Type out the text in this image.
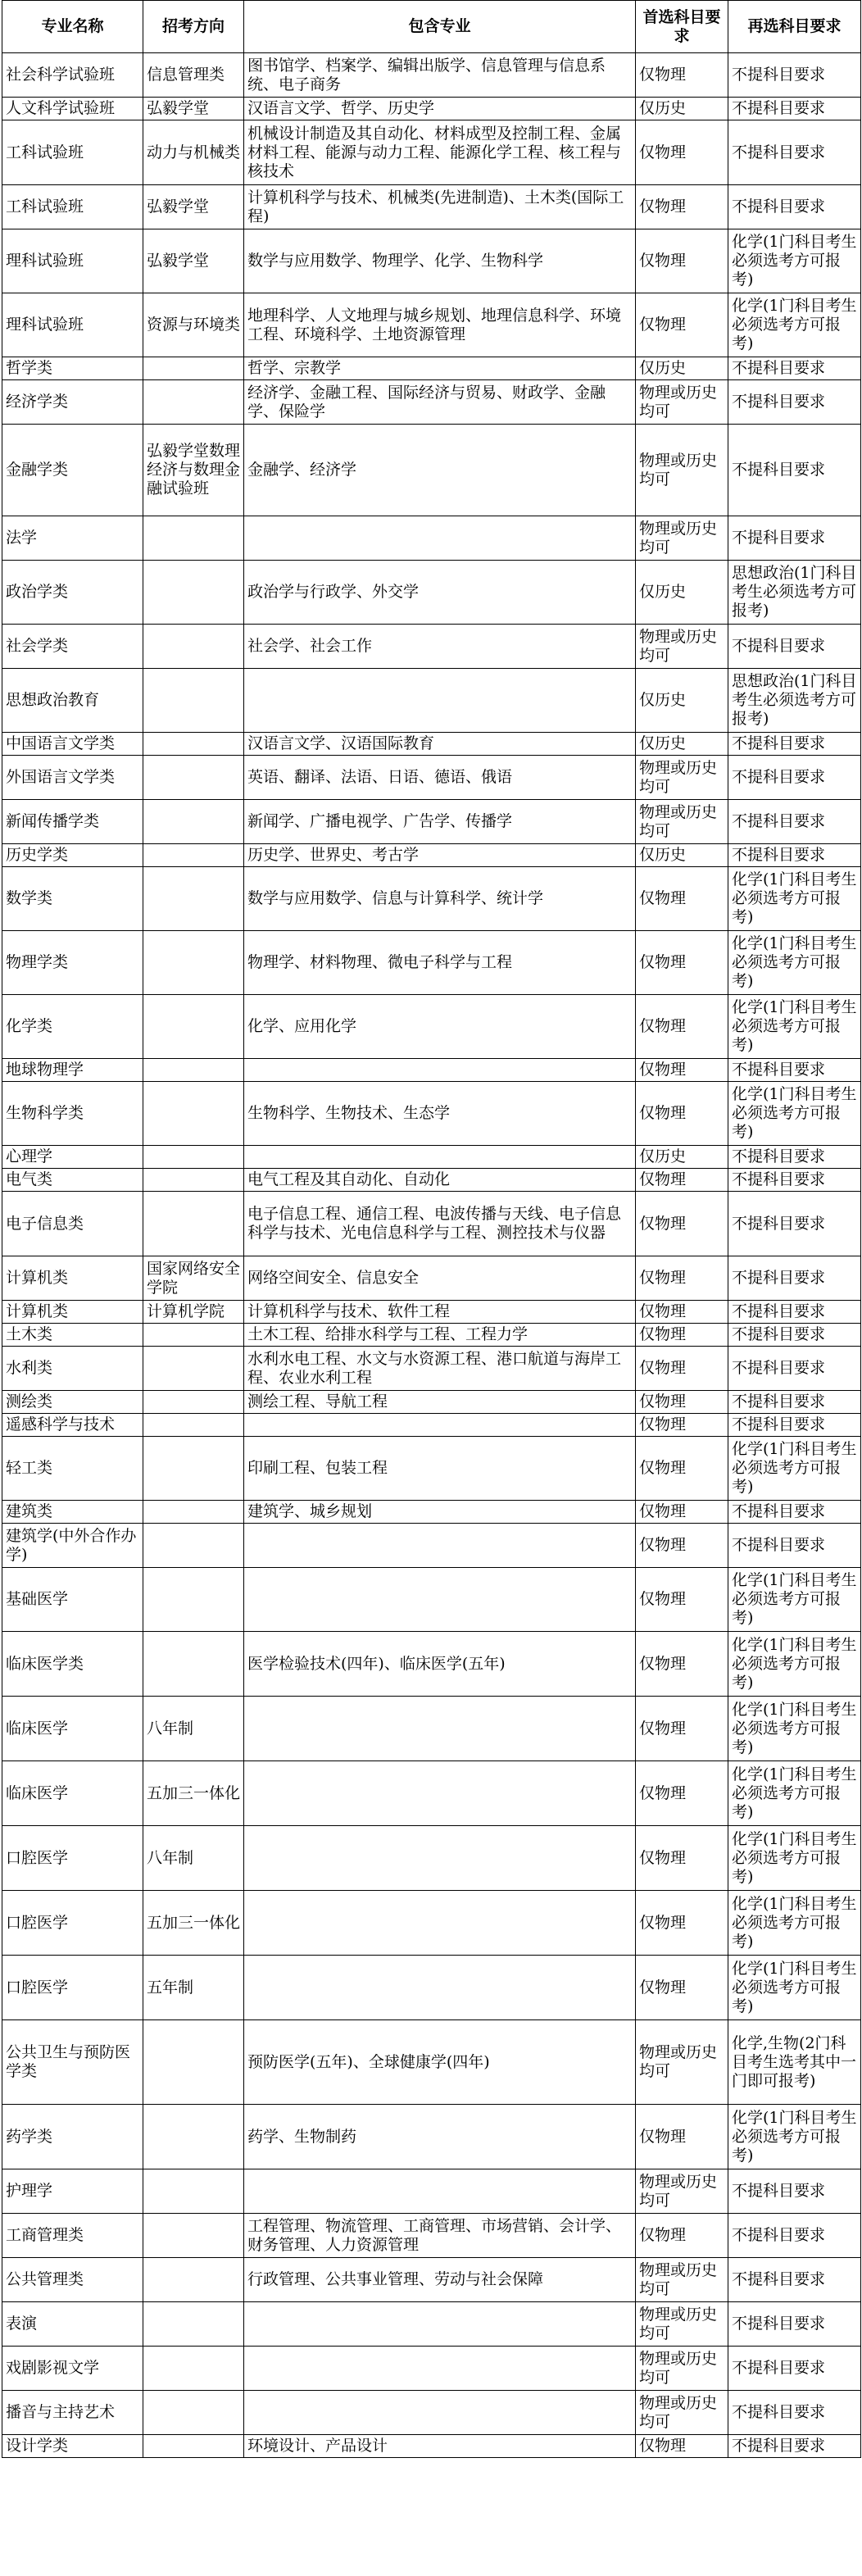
专业名称	招考方向	包含专业	首选科目要求	再选科目要求
社会科学试验班	信息管理类	图书馆学、档案学、编辑出版学、信息管理与信息系统、电子商务	仅物理	不提科目要求
人文科学试验班	弘毅学堂	汉语言文学、哲学、历史学	仅历史	不提科目要求
工科试验班	动力与机械类	机械设计制造及其自动化、材料成型及控制工程、金属材料工程、能源与动力工程、能源化学工程、核工程与核技术	仅物理	不提科目要求
工科试验班	弘毅学堂	计算机科学与技术、机械类(先进制造)、土木类(国际工程)	仅物理	不提科目要求
理科试验班	弘毅学堂	数学与应用数学、物理学、化学、生物科学	仅物理	化学(1门科目考生必须选考方可报考)
理科试验班	资源与环境类	地理科学、人文地理与城乡规划、地理信息科学、环境工程、环境科学、土地资源管理	仅物理	化学(1门科目考生必须选考方可报考)
哲学类		哲学、宗教学	仅历史	不提科目要求
经济学类		经济学、金融工程、国际经济与贸易、财政学、金融学、保险学	物理或历史均可	不提科目要求
金融学类	弘毅学堂数理经济与数理金融试验班	金融学、经济学	物理或历史均可	不提科目要求
法学			物理或历史均可	不提科目要求
政治学类		政治学与行政学、外交学	仅历史	思想政治(1门科目考生必须选考方可报考)
社会学类		社会学、社会工作	物理或历史均可	不提科目要求
思想政治教育			仅历史	思想政治(1门科目考生必须选考方可报考)
中国语言文学类		汉语言文学、汉语国际教育	仅历史	不提科目要求
外国语言文学类		英语、翻译、法语、日语、德语、俄语	物理或历史均可	不提科目要求
新闻传播学类		新闻学、广播电视学、广告学、传播学	物理或历史均可	不提科目要求
历史学类		历史学、世界史、考古学	仅历史	不提科目要求
数学类		数学与应用数学、信息与计算科学、统计学	仅物理	化学(1门科目考生必须选考方可报考)
物理学类		物理学、材料物理、微电子科学与工程	仅物理	化学(1门科目考生必须选考方可报考)
化学类		化学、应用化学	仅物理	化学(1门科目考生必须选考方可报考)
地球物理学			仅物理	不提科目要求
生物科学类		生物科学、生物技术、生态学	仅物理	化学(1门科目考生必须选考方可报考)
心理学			仅历史	不提科目要求
电气类		电气工程及其自动化、自动化	仅物理	不提科目要求
电子信息类		电子信息工程、通信工程、电波传播与天线、电子信息科学与技术、光电信息科学与工程、测控技术与仪器	仅物理	不提科目要求
计算机类	国家网络安全学院	网络空间安全、信息安全	仅物理	不提科目要求
计算机类	计算机学院	计算机科学与技术、软件工程	仅物理	不提科目要求
土木类		土木工程、给排水科学与工程、工程力学	仅物理	不提科目要求
水利类		水利水电工程、水文与水资源工程、港口航道与海岸工程、农业水利工程	仅物理	不提科目要求
测绘类		测绘工程、导航工程	仅物理	不提科目要求
遥感科学与技术			仅物理	不提科目要求
轻工类		印刷工程、包装工程	仅物理	化学(1门科目考生必须选考方可报考)
建筑类		建筑学、城乡规划	仅物理	不提科目要求
建筑学(中外合作办学)			仅物理	不提科目要求
基础医学			仅物理	化学(1门科目考生必须选考方可报考)
临床医学类		医学检验技术(四年)、临床医学(五年)	仅物理	化学(1门科目考生必须选考方可报考)
临床医学	八年制		仅物理	化学(1门科目考生必须选考方可报考)
临床医学	五加三一体化		仅物理	化学(1门科目考生必须选考方可报考)
口腔医学	八年制		仅物理	化学(1门科目考生必须选考方可报考)
口腔医学	五加三一体化		仅物理	化学(1门科目考生必须选考方可报考)
口腔医学	五年制		仅物理	化学(1门科目考生必须选考方可报考)
公共卫生与预防医学类		预防医学(五年)、全球健康学(四年)	物理或历史均可	化学,生物(2门科目考生选考其中一门即可报考)
药学类		药学、生物制药	仅物理	化学(1门科目考生必须选考方可报考)
护理学			物理或历史均可	不提科目要求
工商管理类		工程管理、物流管理、工商管理、市场营销、会计学、财务管理、人力资源管理	仅物理	不提科目要求
公共管理类		行政管理、公共事业管理、劳动与社会保障	物理或历史均可	不提科目要求
表演			物理或历史均可	不提科目要求
戏剧影视文学			物理或历史均可	不提科目要求
播音与主持艺术			物理或历史均可	不提科目要求
设计学类		环境设计、产品设计	仅物理	不提科目要求
